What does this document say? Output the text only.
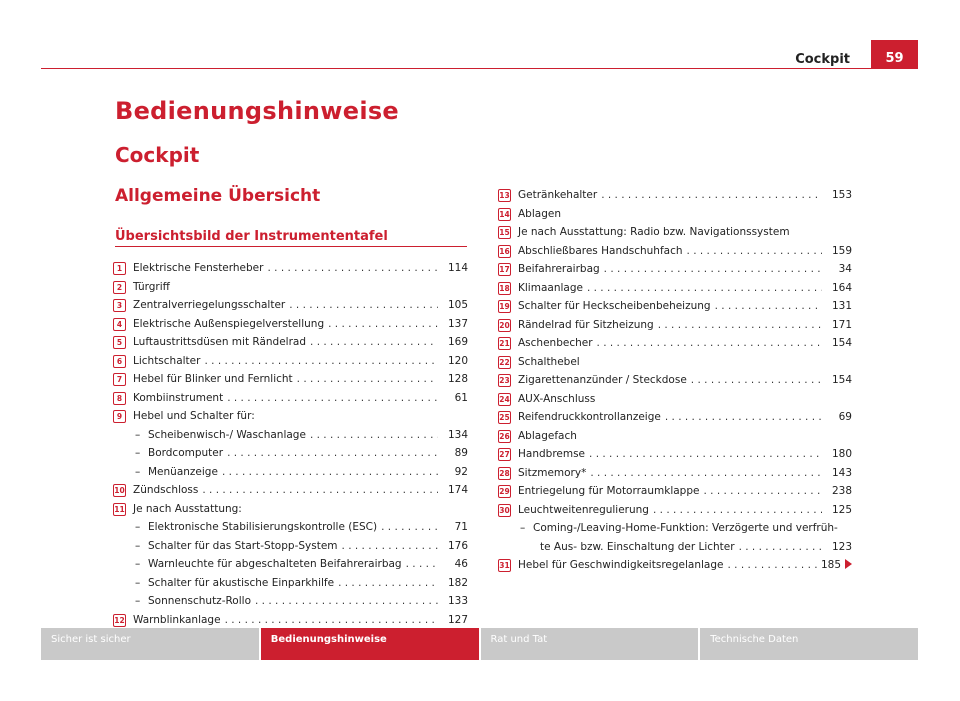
59
Cockpit
Bedienungshinweise
Cockpit
Allgemeine Übersicht
Übersichtsbild der Instrumententafel
1	Elektrische Fensterheber . . .	114
2	Türgriff
3	Zentralverriegelungsschalter . . .	105
4	Elektrische Außenspiegelverstellung . . .	137
5	Luftaustrittsdüsen mit Rändelrad . . .	169
6	Lichtschalter . . .	120
7	Hebel für Blinker und Fernlicht . . .	128
8	Kombiinstrument . . .	61
9	Hebel und Schalter für:
– Scheibenwisch-/ Waschanlage . . .	134
– Bordcomputer . . .	89
– Menüanzeige . . .	92
10 Zündschloss . . .	174
11 Je nach Ausstattung:
– Elektronische Stabilisierungskontrolle (ESC) . . .	71
– Schalter für das Start-Stopp-System . . .	176
– Warnleuchte für abgeschalteten Beifahrerairbag . . .	46
– Schalter für akustische Einparkhilfe . . .	182
– Sonnenschutz-Rollo . . .	133
12 Warnblinkanlage . . .	127
13 Getränkehalter . . .	153
14 Ablagen
15 Je nach Ausstattung: Radio bzw. Navigationssystem
16 Abschließbares Handschuhfach . . .	159
17 Beifahrerairbag . . .	34
18 Klimaanlage . . .	164
19 Schalter für Heckscheibenbeheizung . . .	131
20 Rändelrad für Sitzheizung . . .	171
21 Aschenbecher . . .	154
22 Schalthebel
23 Zigarettenanzünder / Steckdose . . .	154
24 AUX-Anschluss
25 Reifendruckkontrollanzeige . . .	69
26 Ablagefach
27 Handbremse . . .	180
28 Sitzmemory* . . .	143
29 Entriegelung für Motorraumklappe . . .	238
30 Leuchtweitenregulierung . . .	125
– Coming-/Leaving-Home-Funktion: Verzögerte und verfrüh-
te Aus- bzw. Einschaltung der Lichter . . .	123
31 Hebel für Geschwindigkeitsregelanlage . . .	185
Sicher ist sicher	Bedienungshinweise	Rat und Tat	Technische Daten
